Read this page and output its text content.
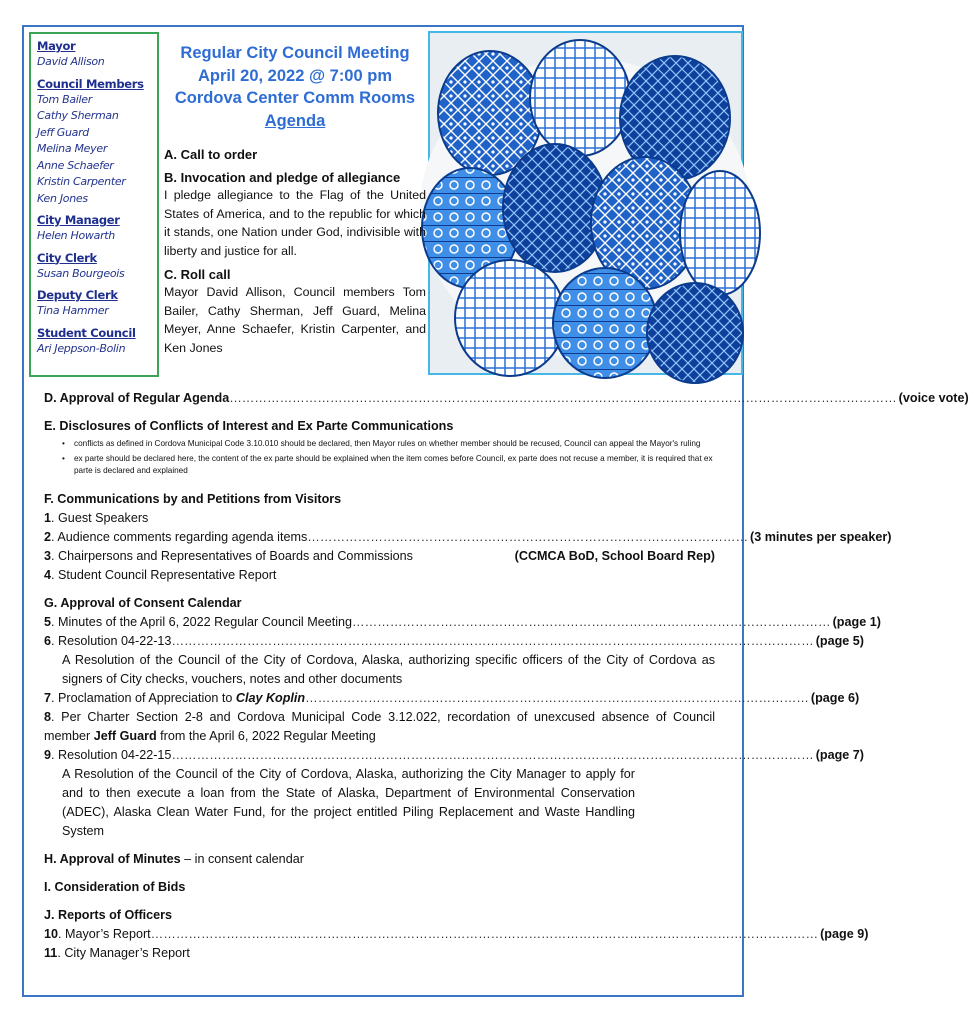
Mayor
David Allison
Council Members
Tom Bailer
Cathy Sherman
Jeff Guard
Melina Meyer
Anne Schaefer
Kristin Carpenter
Ken Jones
City Manager
Helen Howarth
City Clerk
Susan Bourgeois
Deputy Clerk
Tina Hammer
Student Council
Ari Jeppson-Bolin
Regular City Council Meeting
April 20, 2022 @ 7:00 pm
Cordova Center Comm Rooms
Agenda
A. Call to order
B. Invocation and pledge of allegiance
I pledge allegiance to the Flag of the United States of America, and to the republic for which it stands, one Nation under God, indivisible with liberty and justice for all.
C. Roll call
Mayor David Allison, Council members Tom Bailer, Cathy Sherman, Jeff Guard, Melina Meyer, Anne Schaefer, Kristin Carpenter, and Ken Jones
D. Approval of Regular Agenda …………………………………………………………………………………………………………………………………………… (voice vote)
E. Disclosures of Conflicts of Interest and Ex Parte Communications
• conflicts as defined in Cordova Municipal Code 3.10.010 should be declared, then Mayor rules on whether member should be recused, Council can appeal the Mayor's ruling
• ex parte should be declared here, the content of the ex parte should be explained when the item comes before Council, ex parte does not recuse a member, it is required that ex parte is declared and explained
F. Communications by and Petitions from Visitors
1. Guest Speakers
2. Audience comments regarding agenda items …………………………………………………………………………………………… (3 minutes per speaker)
3. Chairpersons and Representatives of Boards and Commissions	(CCMCA BoD, School Board Rep)
4. Student Council Representative Report
G. Approval of Consent Calendar
5. Minutes of the April 6, 2022 Regular Council Meeting …………………………………………………………………………………………………… (page 1)
6. Resolution 04-22-13 ……………………………………………………………………………………………………………………………………… (page 5)
A Resolution of the Council of the City of Cordova, Alaska, authorizing specific officers of the City of Cordova as signers of City checks, vouchers, notes and other documents
7. Proclamation of Appreciation to Clay Koplin ………………………………………………………………………………………………………… (page 6)
8. Per Charter Section 2-8 and Cordova Municipal Code 3.12.022, recordation of unexcused absence of Council member Jeff Guard from the April 6, 2022 Regular Meeting
9. Resolution 04-22-15 ……………………………………………………………………………………………………………………………………… (page 7)
A Resolution of the Council of the City of Cordova, Alaska, authorizing the City Manager to apply for and to then execute a loan from the State of Alaska, Department of Environmental Conservation (ADEC), Alaska Clean Water Fund, for the project entitled Piling Replacement and Waste Handling System
H. Approval of Minutes – in consent calendar
I. Consideration of Bids
J. Reports of Officers
10. Mayor’s Report …………………………………………………………………………………………………………………………………………… (page 9)
11. City Manager’s Report
